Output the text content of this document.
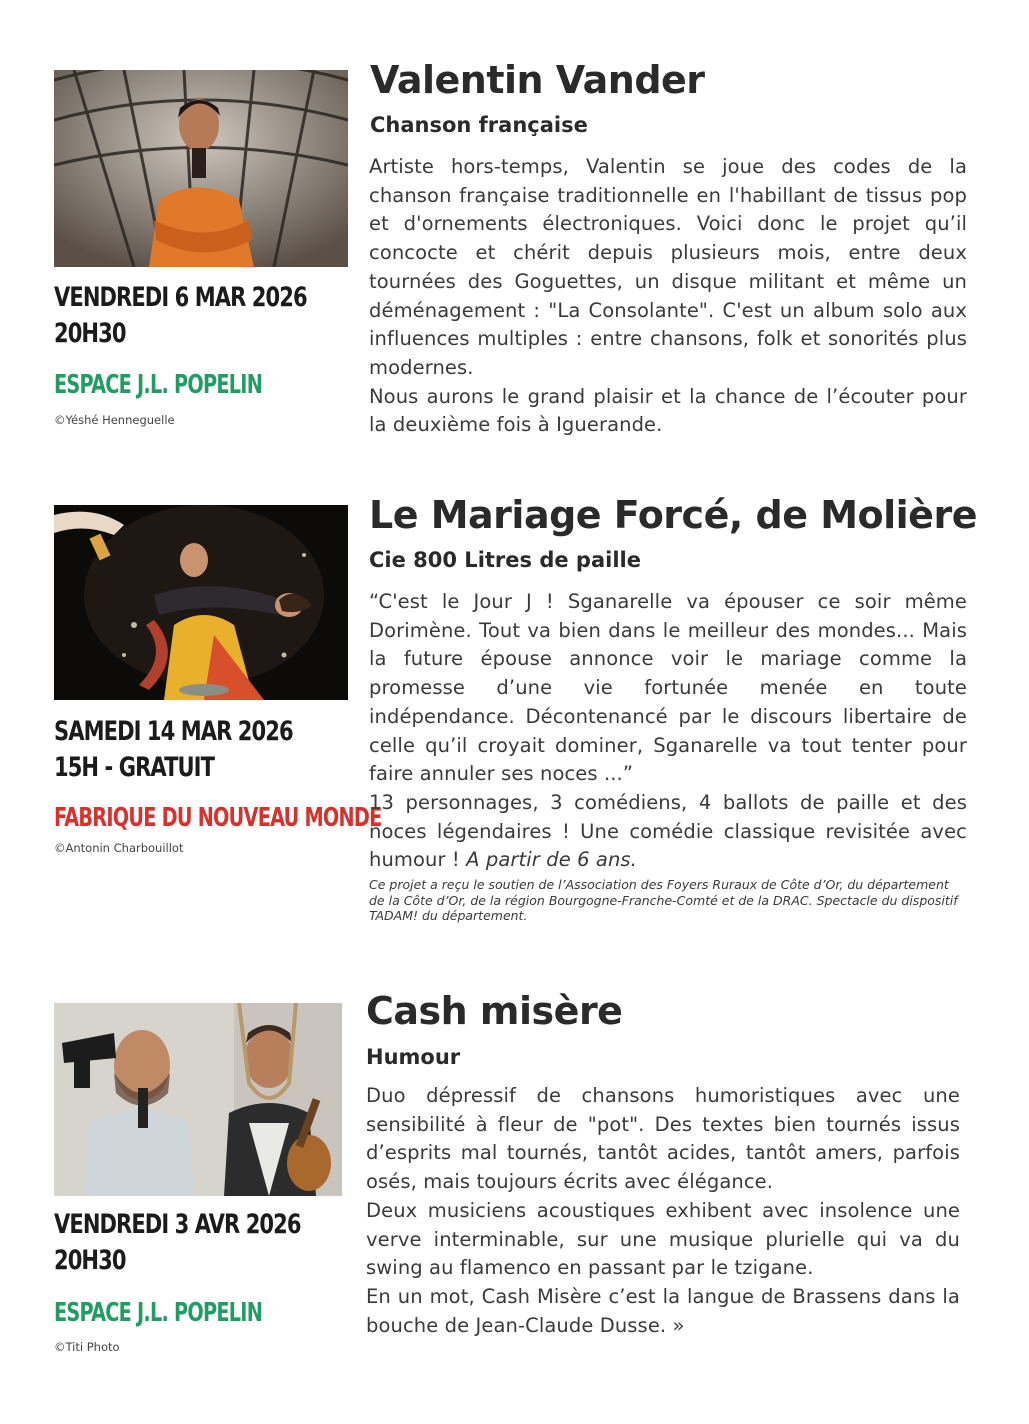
VENDREDI 6 MAR 2026
20H30
ESPACE J.L. POPELIN
©Yéshé Henneguelle
Valentin Vander
Chanson française

Artiste hors-temps, Valentin se joue des codes de la chanson française traditionnelle en l'habillant de tissus pop et d'ornements électroniques. Voici donc le projet qu’il concocte et chérit depuis plusieurs mois, entre deux tournées des Goguettes, un disque militant et même un déménagement : "La Consolante". C'est un album solo aux influences multiples : entre chansons, folk et sonorités plus modernes.

Nous aurons le grand plaisir et la chance de l’écouter pour la deuxième fois à Iguerande.

SAMEDI 14 MAR 2026
15H - GRATUIT
FABRIQUE DU NOUVEAU MONDE
©Antonin Charbouillot
Le Mariage Forcé, de Molière
Cie 800 Litres de paille

“C'est le Jour J ! Sganarelle va épouser ce soir même Dorimène. Tout va bien dans le meilleur des mondes... Mais la future épouse annonce voir le mariage comme la promesse d’une vie fortunée menée en toute indépendance. Décontenancé par le discours libertaire de celle qu’il croyait dominer, Sganarelle va tout tenter pour faire annuler ses noces ...”

13 personnages, 3 comédiens, 4 ballots de paille et des noces légendaires ! Une comédie classique revisitée avec humour ! A partir de 6 ans.

Ce projet a reçu le soutien de l’Association des Foyers Ruraux de Côte d’Or, du département de la Côte d’Or, de la région Bourgogne-Franche-Comté et de la DRAC. Spectacle du dispositif TADAM! du département.
VENDREDI 3 AVR 2026
20H30
ESPACE J.L. POPELIN
©Titi Photo
Cash misère
Humour

Duo dépressif de chansons humoristiques avec une sensibilité à fleur de "pot". Des textes bien tournés issus d’esprits mal tournés, tantôt acides, tantôt amers, parfois osés, mais toujours écrits avec élégance.

Deux musiciens acoustiques exhibent avec insolence une verve interminable, sur une musique plurielle qui va du swing au flamenco en passant par le tzigane.

En un mot, Cash Misère c’est la langue de Brassens dans la bouche de Jean-Claude Dusse. »
